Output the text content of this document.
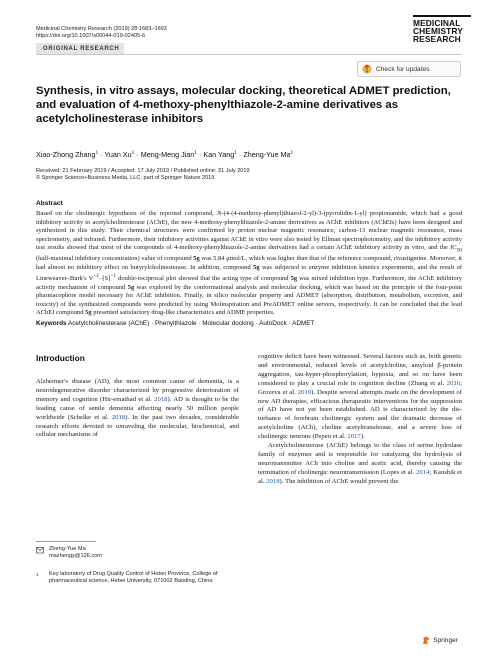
Medicinal Chemistry Research (2019) 28:1683–1693
https://doi.org/10.1007/s00044-019-02405-6
MEDICINAL
CHEMISTRY
RESEARCH
ORIGINAL RESEARCH
Check for updates
Synthesis, in vitro assays, molecular docking, theoretical ADMET prediction, and evaluation of 4-methoxy-phenylthiazole-2-amine derivatives as acetylcholinesterase inhibitors
Xiao-Zhong Zhang$^1$ · Yuan $Xu^1$ · Meng-Meng Jian$^1$ · Kan Yang$^1$ · Zheng-Yue Ma$^1$
Received: 21 February 2019 / Accepted: 17 July 2019 / Published online: 31 July 2019
© Springer Science+Business Media, LLC, part of Springer Nature 2019
Abstract
Based on the cholinergic hypothesis of the reported compound, N-(4-(4-methoxy-phenyl)thiazol-2-yl)-3-(pyrrolidin-1-yl) propionamide, which had a good inhibitory activity to acetylcholinesterase (AChE), the new 4-methoxy-phenylthiazole-2-amine derivatives as AChE inhibitors (AChEIs) have been designed and synthesized in this study. Their chemical structures were confirmed by proton nuclear magnetic resonance, carbon-13 nuclear magnetic resonance, mass spectrometry, and infrared. Furthermore, their inhibitory activities against AChE in vitro were also tested by Ellman spectrophotometry, and the inhibitory activity test results showed that most of the compounds of 4-methoxy-phenylthiazole-2-amine derivatives had a certain AChE inhibitory activity in vitro, and the $IC_{50}$ (half-maximal inhibitory concentration) value of compound 5g was 5.84 μmol/L, which was higher than that of the reference compound, rivastigmine. Moreover, it had almost no inhibitory effect on butyrylcholinesterase. In addition, compound 5g was subjected to enzyme inhibition kinetics experiments, and the result of Lineweaver–Burk's $V^{-1}-[S]^{-1}$ double-reciprocal plot showed that the acting type of compound 5g was mixed inhibition type. Furthermore, the AChE inhibitory activity mechanism of compound 5g was explored by the conformational analysis and molecular docking, which was based on the principle of the four-point pharmacophore model necessary for AChE inhibition. Finally, in silico molecular property and ADMET (absorption, distribution, metabolism, excretion, and toxicity) of the synthesized compounds were predicted by using Molinspiration and PreADMET online servers, respectively. It can be concluded that the lead AChEI compound 5g presented satisfactory drug-like characteristics and ADME properties.
Keywords Acetylcholinesterase (AChE) · Phenylthiazole · Molecular docking · AutoDock · ADMET
Introduction
Alzheimer's disease (AD), the most common cause of dementia, is a neurodegenerative disorder characterized by progressive deterioration of memory and cognition (Hir-emathad et al. 2018). AD is thought to be the leading cause of senile dementia affecting nearly 50 million people worldwide (Schelke et al. 2018). In the past two decades, considerable research efforts devoted to unraveling the molecular, biochemical, and cellular mechanisms of
cognitive deficit have been witnessed. Several factors such as, both genetic and environmental, reduced levels of acetylcholine, amyloid β-protein aggregation, tau-hyper-phosphorylation, hypoxia, and so on have been considered to play a crucial role in cognition decline (Zhang et al. 2016; Grozeva et al. 2019). Despite several attempts made on the development of new AD therapies, efficacious therapeutic interventions for the suppression of AD have not yet been established. AD is characterized by the dis-turbance of forebrain cholinergic system and the dramatic decrease of acetylcholine (ACh), choline acetyltransferase, and a severe loss of cholinergic neurons (Pepeu et al. 2017).
Acetylcholinesterase (AChE) belongs to the class of serine hydrolase family of enzymes and is responsible for catalyzing the hydrolysis of neurotransmitter ACh into choline and acetic acid, thereby causing the termination of cholinergic neurotransmission (Lopes et al. 2014; Kaushik et al. 2018). The inhibition of AChE would prevent the
Zheng-Yue Ma
mazhengy@126.com
1	Key laboratory of Drug Quality Control of Hebei Province, College of pharmaceutical science, Hebei University, 071002 Baoding, China
Springer
